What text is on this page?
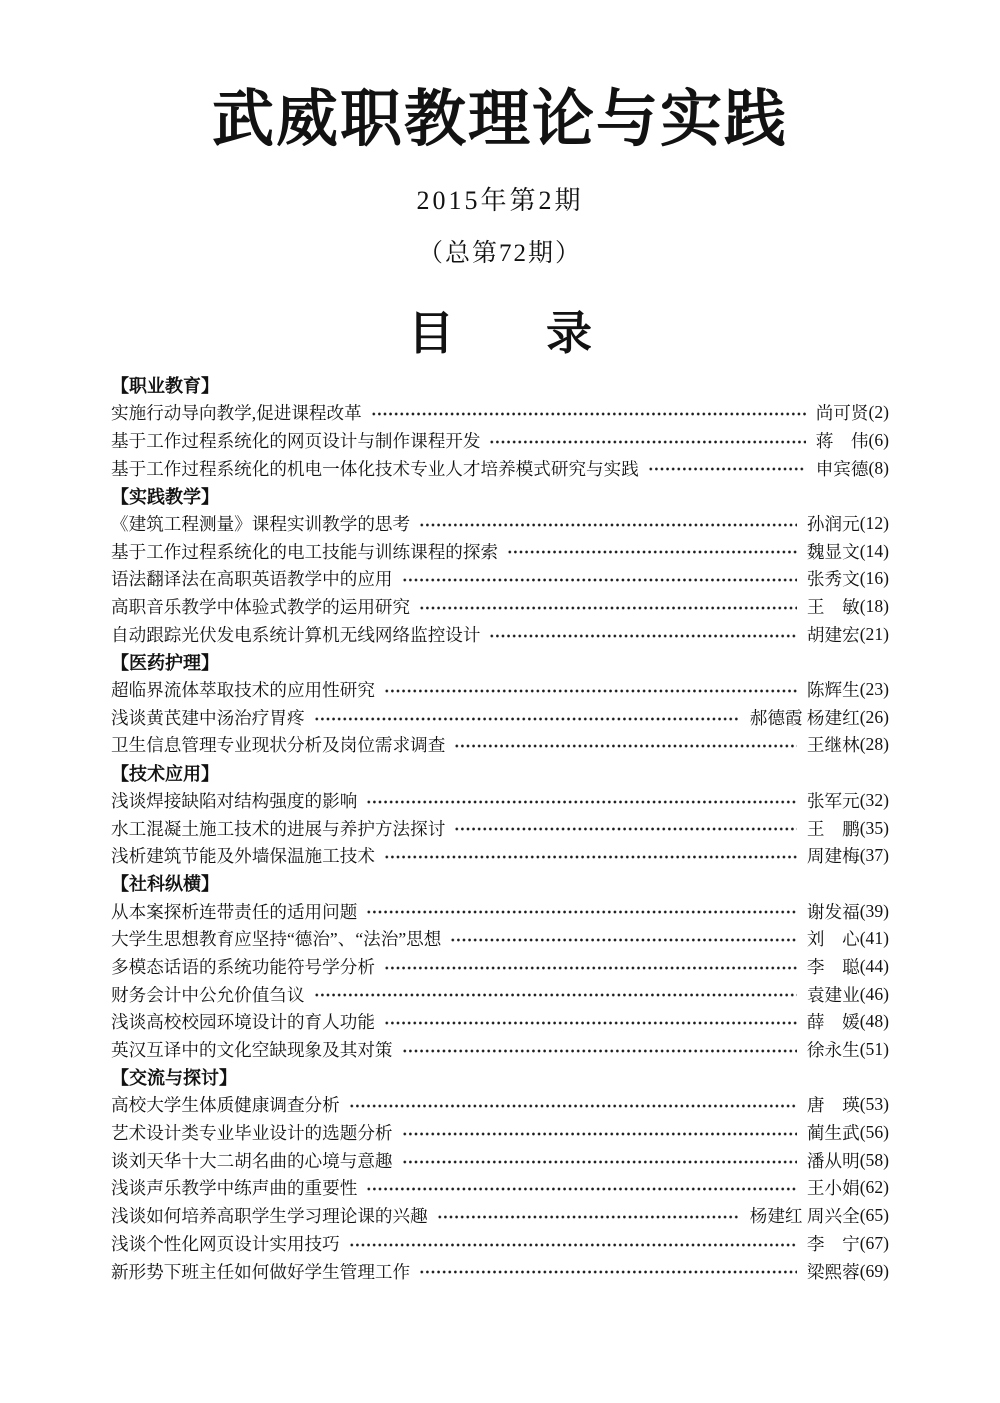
武威职教理论与实践
2015年第2期
（总第72期）
目　　录
【职业教育】
实施行动导向教学,促进课程改革	尚可贤 (2)
基于工作过程系统化的网页设计与制作课程开发	蒋　伟 (6)
基于工作过程系统化的机电一体化技术专业人才培养模式研究与实践	申宾德 (8)
【实践教学】
《建筑工程测量》课程实训教学的思考	孙润元 (12)
基于工作过程系统化的电工技能与训练课程的探索	魏显文 (14)
语法翻译法在高职英语教学中的应用	张秀文 (16)
高职音乐教学中体验式教学的运用研究	王　敏 (18)
自动跟踪光伏发电系统计算机无线网络监控设计	胡建宏 (21)
【医药护理】
超临界流体萃取技术的应用性研究	陈辉生 (23)
浅谈黄芪建中汤治疗胃疼	郝德霞 杨建红 (26)
卫生信息管理专业现状分析及岗位需求调查	王继林 (28)
【技术应用】
浅谈焊接缺陷对结构强度的影响	张军元 (32)
水工混凝土施工技术的进展与养护方法探讨	王　鹏 (35)
浅析建筑节能及外墙保温施工技术	周建梅 (37)
【社科纵横】
从本案探析连带责任的适用问题	谢发福 (39)
大学生思想教育应坚持“德治”、“法治”思想	刘　心 (41)
多模态话语的系统功能符号学分析	李　聪 (44)
财务会计中公允价值刍议	袁建业 (46)
浅谈高校校园环境设计的育人功能	薛　媛 (48)
英汉互译中的文化空缺现象及其对策	徐永生 (51)
【交流与探讨】
高校大学生体质健康调查分析	唐　瑛 (53)
艺术设计类专业毕业设计的选题分析	蔺生武 (56)
谈刘天华十大二胡名曲的心境与意趣	潘从明 (58)
浅谈声乐教学中练声曲的重要性	王小娟 (62)
浅谈如何培养高职学生学习理论课的兴趣	杨建红 周兴全 (65)
浅谈个性化网页设计实用技巧	李　宁 (67)
新形势下班主任如何做好学生管理工作	梁熙蓉 (69)
